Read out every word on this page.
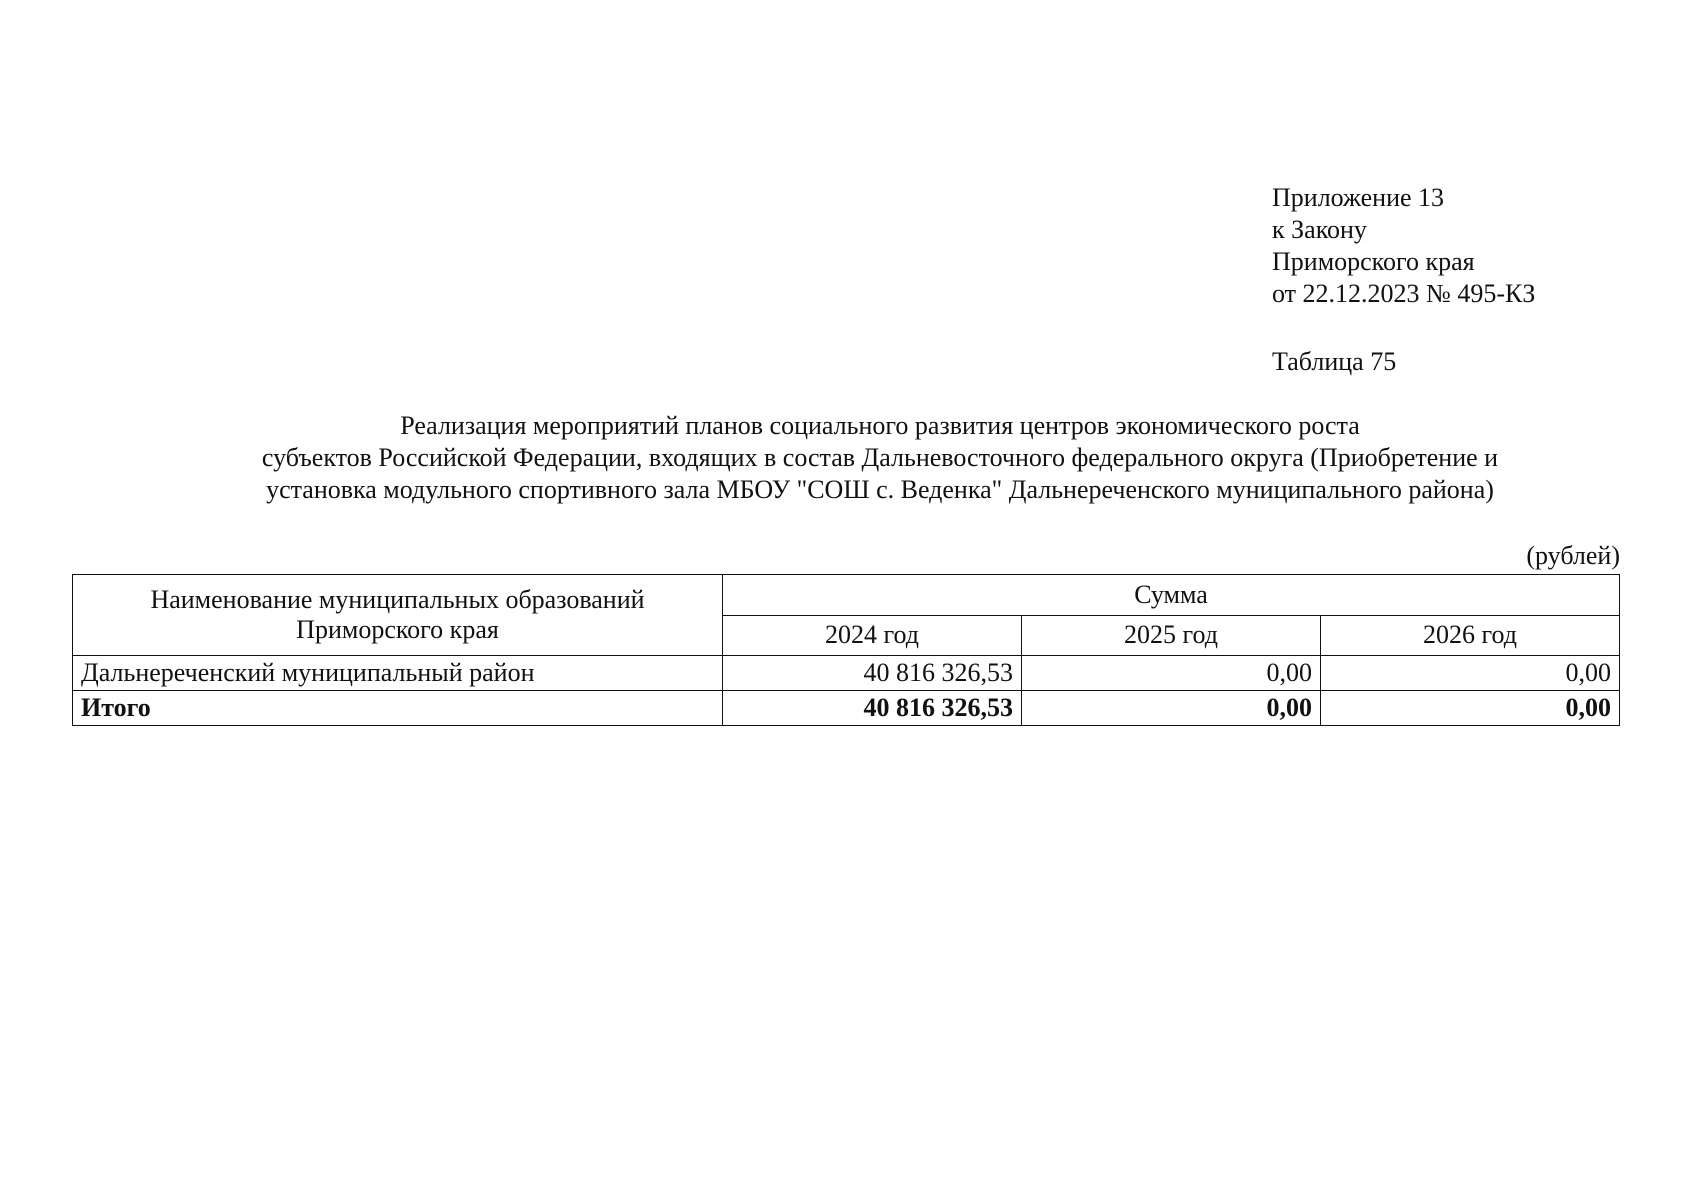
Приложение 13
к Закону
Приморского края
от 22.12.2023 № 495-КЗ
Таблица 75
Реализация мероприятий планов социального развития центров экономического роста
субъектов Российской Федерации, входящих в состав Дальневосточного федерального округа (Приобретение и
установка модульного спортивного зала МБОУ "СОШ с. Веденка" Дальнереченского муниципального района)
(рублей)
Наименование муниципальных образований
Приморского края	Сумма		
	2024 год	2025 год	2026 год
Дальнереченский муниципальный район	40 816 326,53	0,00	0,00
Итого	40 816 326,53	0,00	0,00
